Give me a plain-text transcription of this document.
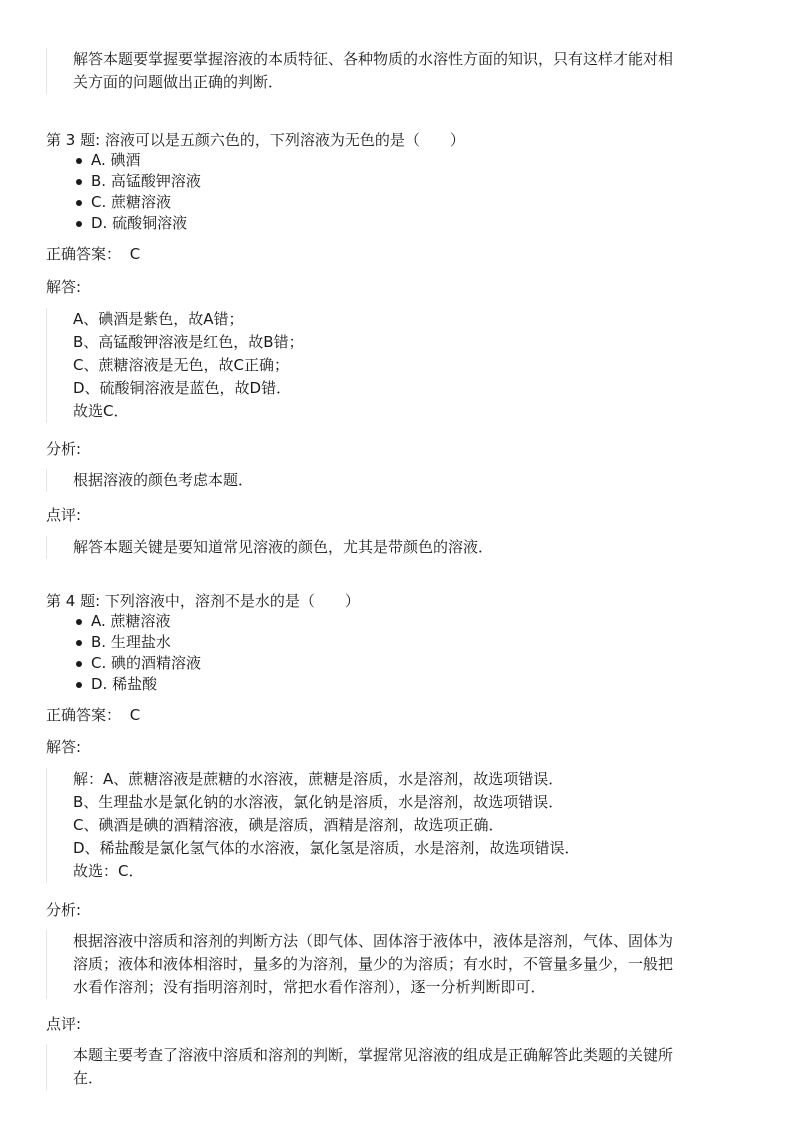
解答本题要掌握要掌握溶液的本质特征、各种物质的水溶性方面的知识，只有这样才能对相
关方面的问题做出正确的判断．
第 3 题: 溶液可以是五颜六色的，下列溶液为无色的是（　　）
A. 碘酒
B. 高锰酸钾溶液
C. 蔗糖溶液
D. 硫酸铜溶液
正确答案： C
解答:
A、碘酒是紫色，故A错；
B、高锰酸钾溶液是红色，故B错；
C、蔗糖溶液是无色，故C正确；
D、硫酸铜溶液是蓝色，故D错．
故选C．
分析:
根据溶液的颜色考虑本题．
点评:
解答本题关键是要知道常见溶液的颜色，尤其是带颜色的溶液．
第 4 题: 下列溶液中，溶剂不是水的是（　　）
A. 蔗糖溶液
B. 生理盐水
C. 碘的酒精溶液
D. 稀盐酸
正确答案： C
解答:
解：A、蔗糖溶液是蔗糖的水溶液，蔗糖是溶质，水是溶剂，故选项错误．
B、生理盐水是氯化钠的水溶液，氯化钠是溶质，水是溶剂，故选项错误．
C、碘酒是碘的酒精溶液，碘是溶质，酒精是溶剂，故选项正确．
D、稀盐酸是氯化氢气体的水溶液，氯化氢是溶质，水是溶剂，故选项错误．
故选：C．
分析:
根据溶液中溶质和溶剂的判断方法（即气体、固体溶于液体中，液体是溶剂，气体、固体为
溶质；液体和液体相溶时，量多的为溶剂，量少的为溶质；有水时，不管量多量少，一般把
水看作溶剂；没有指明溶剂时，常把水看作溶剂），逐一分析判断即可．
点评:
本题主要考查了溶液中溶质和溶剂的判断，掌握常见溶液的组成是正确解答此类题的关键所
在．
